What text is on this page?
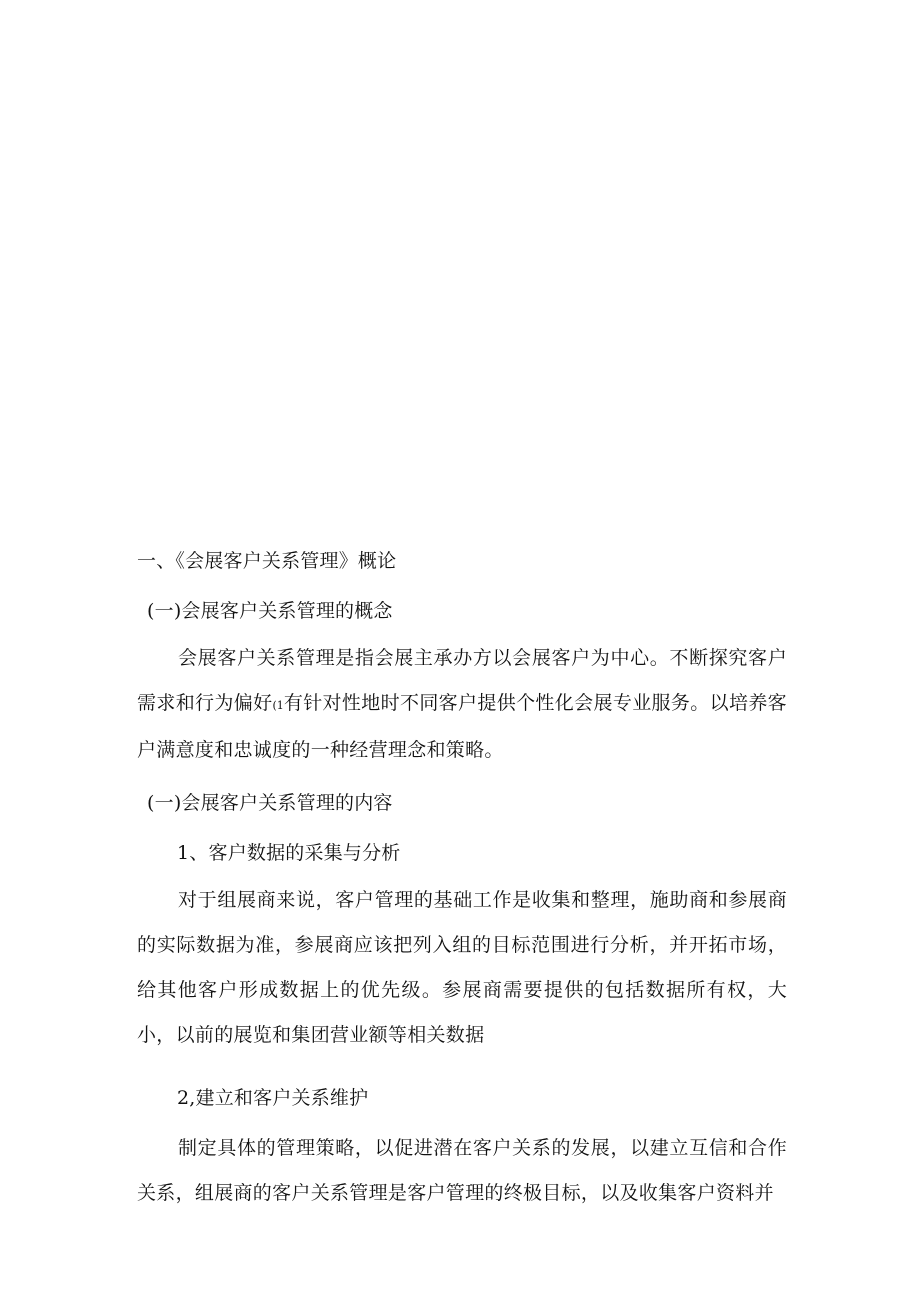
一、《会展客户关系管理》概论
(一)会展客户关系管理的概念

会展客户关系管理是指会展主承办方以会展客户为中心。不断探究客户需求和行为偏好(1有针对性地时不同客户提供个性化会展专业服务。以培养客户满意度和忠诚度的一种经营理念和策略。

(一)会展客户关系管理的内容
1、客户数据的采集与分析

对于组展商来说，客户管理的基础工作是收集和整理，施助商和参展商的实际数据为准，参展商应该把列入组的目标范围进行分析，并开拓市场，给其他客户形成数据上的优先级。参展商需要提供的包括数据所有权，大小，以前的展览和集团营业额等相关数据

2,建立和客户关系维护

制定具体的管理策略，以促进潜在客户关系的发展，以建立互信和合作关系，组展商的客户关系管理是客户管理的终极目标，以及收集客户资料并
